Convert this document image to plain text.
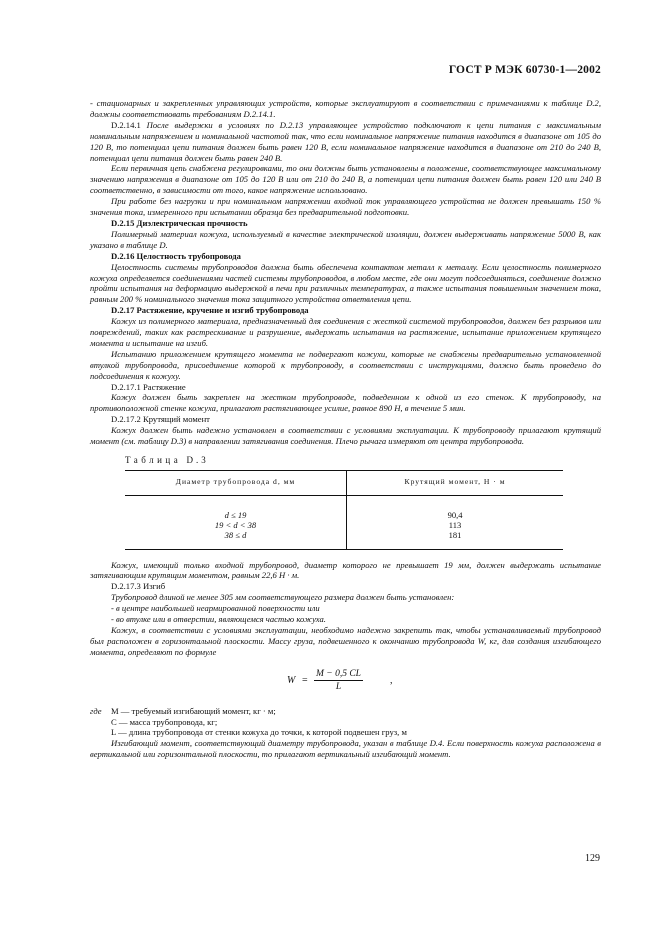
ГОСТ Р МЭК 60730-1—2002

- стационарных и закрепленных управляющих устройств, которые эксплуатируют в соответствии с примечаниями к таблице D.2, должны соответствовать требованиям D.2.14.1.

D.2.14.1 После выдержки в условиях по D.2.13 управляющее устройство подключают к цепи питания с максимальным номинальным напряжением и номинальной частотой так, что если номинальное напряжение питания находится в диапазоне от 105 до 120 В, то потенциал цепи питания должен быть равен 120 В, если номинальное напряжение находится в диапазоне от 210 до 240 В, потенциал цепи питания должен быть равен 240 В.

Если первичная цепь снабжена регулировками, то они должны быть установлены в положение, соответствующее максимальному значению напряжения в диапазоне от 105 до 120 В или от 210 до 240 В, а потенциал цепи питания должен быть равен 120 или 240 В соответственно, в зависимости от того, какое напряжение использовано.

При работе без нагрузки и при номинальном напряжении входной ток управляющего устройства не должен превышать 150 % значения тока, измеренного при испытании образца без предварительной подготовки.

D.2.15 Диэлектрическая прочность

Полимерный материал кожуха, используемый в качестве электрической изоляции, должен выдерживать напряжение 5000 В, как указано в таблице D.

D.2.16 Целостность трубопровода

Целостность системы трубопроводов должна быть обеспечена контактом металл к металлу. Если целостность полимерного кожуха определяется соединениями частей системы трубопроводов, в любом месте, где они могут подсоединяться, соединение должно пройти испытания на деформацию выдержкой в печи при различных температурах, а также испытания повышенным значением тока, равным 200 % номинального значения тока защитного устройства ответвления цепи.

D.2.17 Растяжение, кручение и изгиб трубопровода

Кожух из полимерного материала, предназначенный для соединения с жесткой системой трубопроводов, должен без разрывов или повреждений, таких как растрескивание и разрушение, выдержать испытания на растяжение, испытание приложением крутящего момента и испытание на изгиб.

Испытанию приложением крутящего момента не подвергают кожухи, которые не снабжены предварительно установленной втулкой трубопровода, присоединение которой к трубопроводу, в соответствии с инструкциями, должно быть проведено до подсоединения к кожуху.

D.2.17.1 Растяжение

Кожух должен быть закреплен на жестком трубопроводе, подведенном к одной из его стенок. К трубопроводу, на противоположной стенке кожуха, прилагают растягивающее усилие, равное 890 Н, в течение 5 мин.

D.2.17.2 Крутящий момент

Кожух должен быть надежно установлен в соответствии с условиями эксплуатации. К трубопроводу прилагают крутящий момент (см. таблицу D.3) в направлении затягивания соединения. Плечо рычага измеряют от центра трубопровода.

Таблица D.3
Диаметр трубопровода d, мм	Крутящий момент, Н · м
d ≤ 19	90,4
19 < d < 38	113
38 ≤ d	181

Кожух, имеющий только входной трубопровод, диаметр которого не превышает 19 мм, должен выдержать испытание затягивающим крутящим моментом, равным 22,6 Н · м.

D.2.17.3 Изгиб

Трубопровод длиной не менее 305 мм соответствующего размера должен быть установлен:

- в центре наибольшей неармированной поверхности или

- во втулке или в отверстии, являющемся частью кожуха.

Кожух, в соответствии с условиями эксплуатации, необходимо надежно закрепить так, чтобы устанавливаемый трубопровод был расположен в горизонтальной плоскости. Массу груза, подвешенного к окончанию трубопровода W, кг, для создания изгибающего момента, определяют по формуле

$W = \frac{M - 0,5 CL}{L}$	,
где	M — требуемый изгибающий момент, кг · м;

C — масса трубопровода, кг;

L — длина трубопровода от стенки кожуха до точки, к которой подвешен груз, м

Изгибающий момент, соответствующий диаметру трубопровода, указан в таблице D.4. Если поверхность кожуха расположена в вертикальной или горизонтальной плоскости, то прилагают вертикальный изгибающий момент.

129
